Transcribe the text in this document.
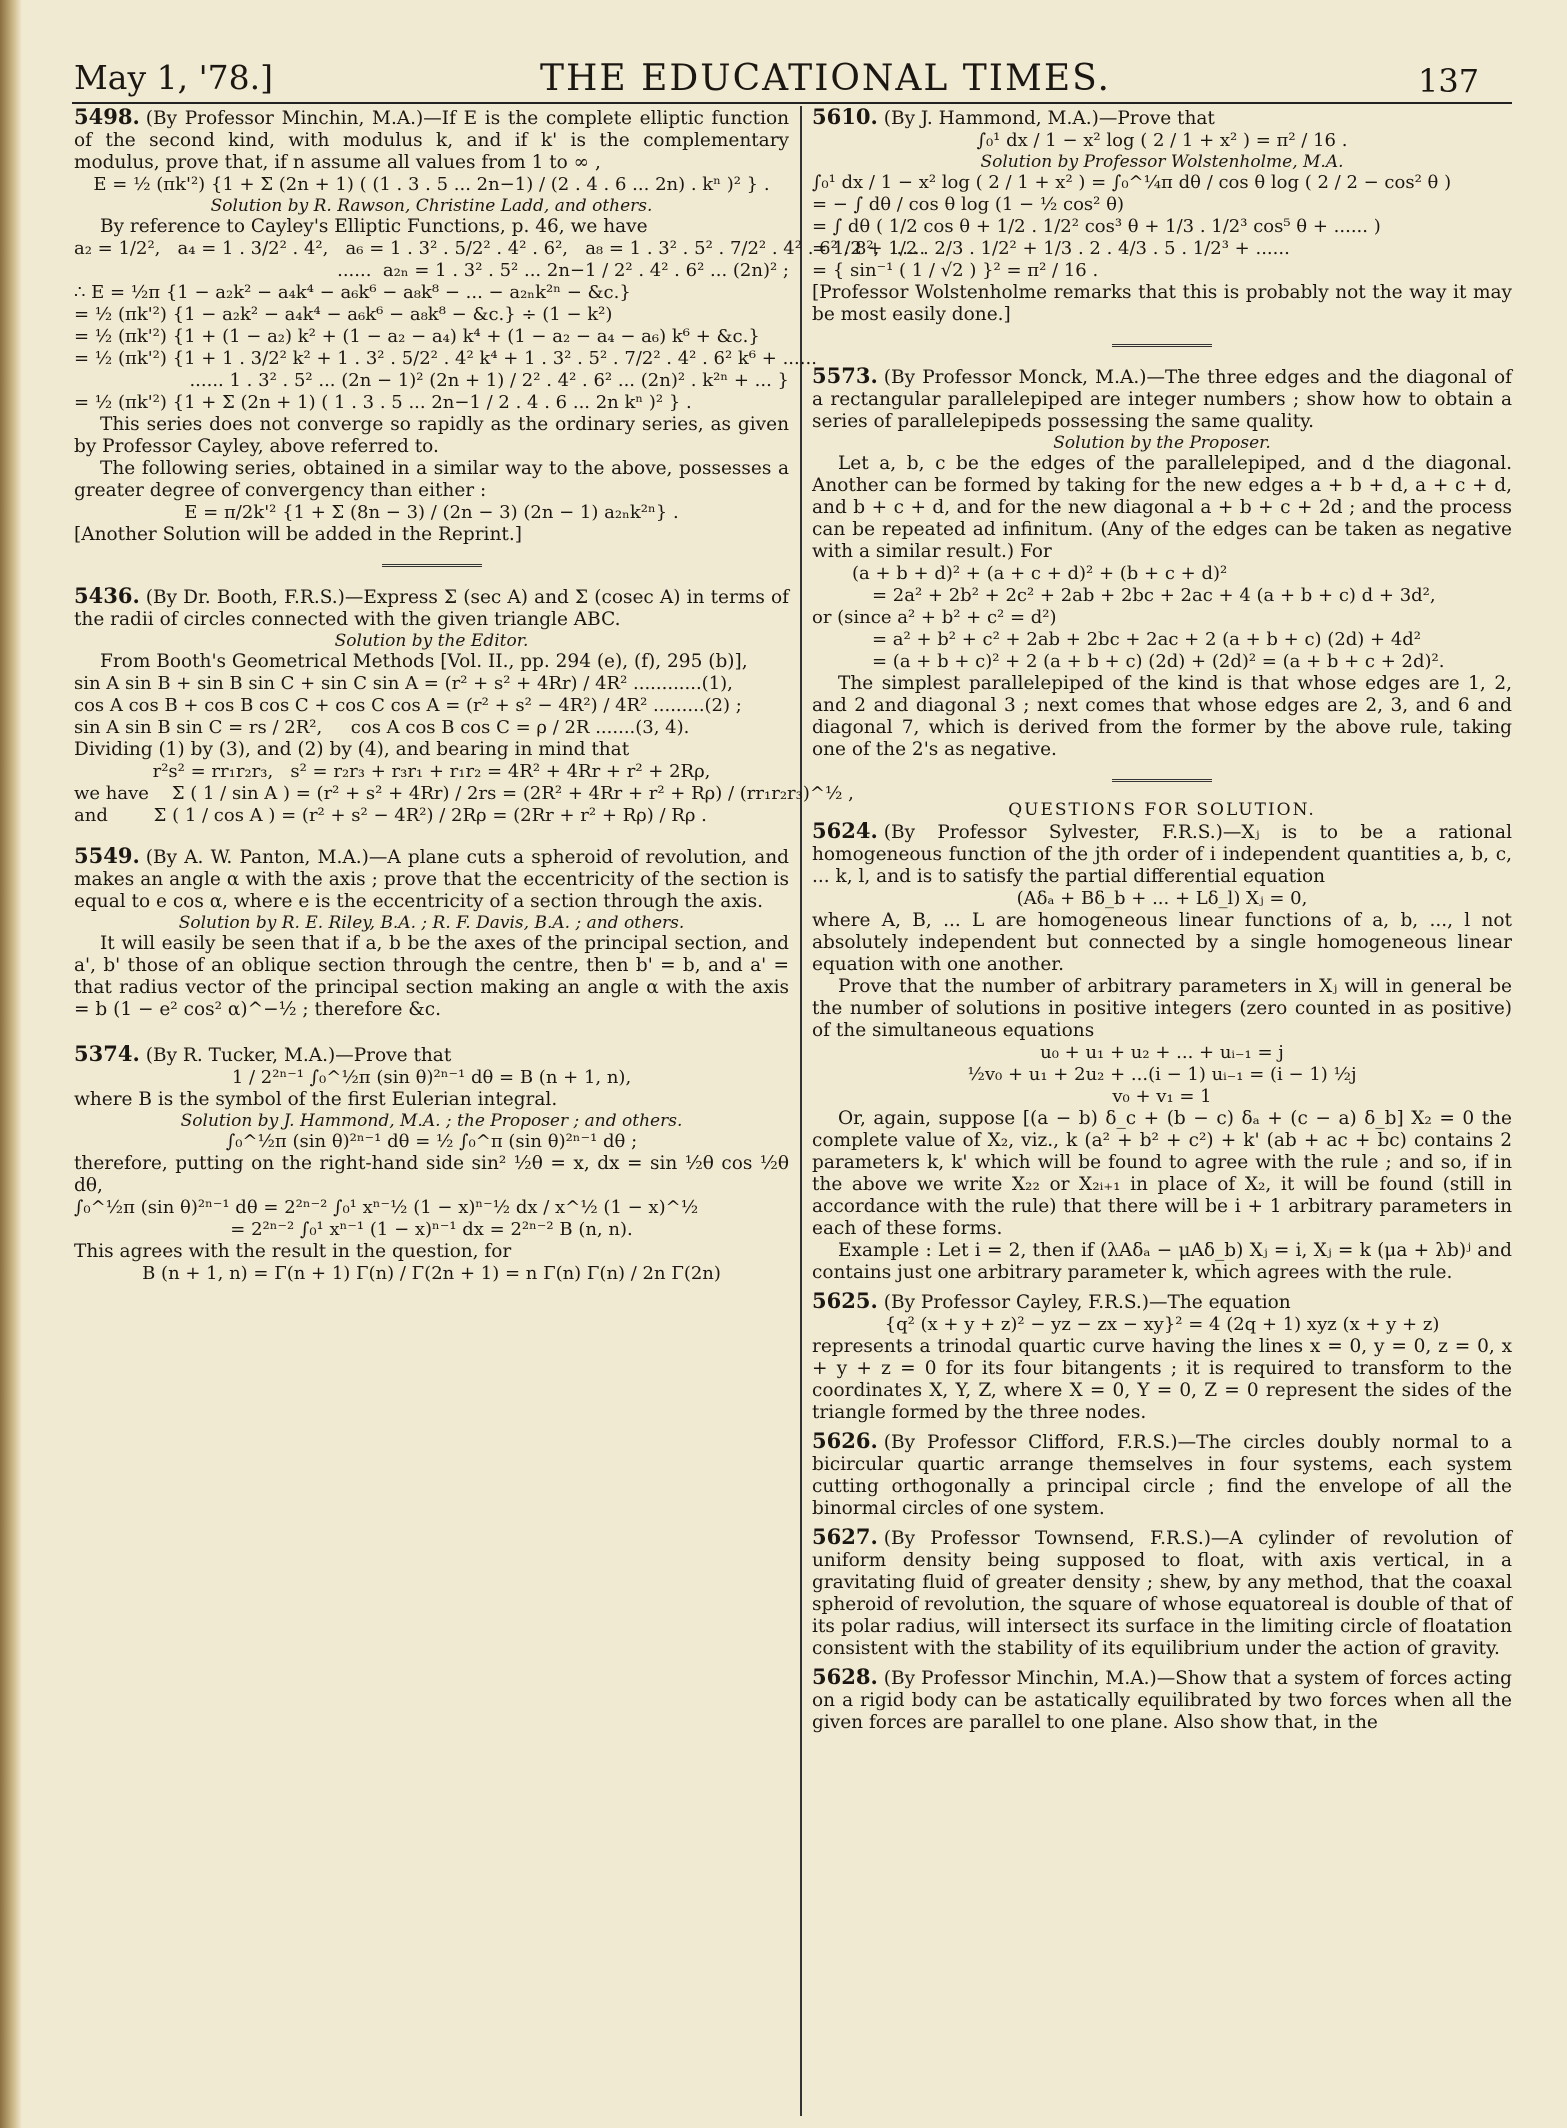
May 1, '78.]	THE EDUCATIONAL TIMES.	137

5498. (By Professor Minchin, M.A.)—If E is the complete elliptic function of the second kind, with modulus k, and if k' is the complementary modulus, prove that, if n assume all values from 1 to ∞ ,

E = ½ (πk'²) {1 + Σ (2n + 1) ( (1 . 3 . 5 ... 2n−1) / (2 . 4 . 6 ... 2n) . kⁿ )² } .

Solution by R. Rawson, Christine Ladd, and others.

By reference to Cayley's Elliptic Functions, p. 46, we have

a₂ = 1/2²,   a₄ = 1 . 3/2² . 4²,   a₆ = 1 . 3² . 5/2² . 4² . 6²,   a₈ = 1 . 3² . 5² . 7/2² . 4² . 6² . 8²,  ......

......  a₂ₙ = 1 . 3² . 5² ... 2n−1 / 2² . 4² . 6² ... (2n)² ;

∴ E = ½π {1 − a₂k² − a₄k⁴ − a₆k⁶ − a₈k⁸ − ... − a₂ₙk²ⁿ − &c.}

= ½ (πk'²) {1 − a₂k² − a₄k⁴ − a₆k⁶ − a₈k⁸ − &c.} ÷ (1 − k²)

= ½ (πk'²) {1 + (1 − a₂) k² + (1 − a₂ − a₄) k⁴ + (1 − a₂ − a₄ − a₆) k⁶ + &c.}

= ½ (πk'²) {1 + 1 . 3/2² k² + 1 . 3² . 5/2² . 4² k⁴ + 1 . 3² . 5² . 7/2² . 4² . 6² k⁶ + ......

...... 1 . 3² . 5² ... (2n − 1)² (2n + 1) / 2² . 4² . 6² ... (2n)² . k²ⁿ + ... }

= ½ (πk'²) {1 + Σ (2n + 1) ( 1 . 3 . 5 ... 2n−1 / 2 . 4 . 6 ... 2n kⁿ )² } .

This series does not converge so rapidly as the ordinary series, as given by Professor Cayley, above referred to.

The following series, obtained in a similar way to the above, possesses a greater degree of convergency than either :

E = π/2k'² {1 + Σ (8n − 3) / (2n − 3) (2n − 1) a₂ₙk²ⁿ} .

[Another Solution will be added in the Reprint.]

5436. (By Dr. Booth, F.R.S.)—Express Σ (sec A) and Σ (cosec A) in terms of the radii of circles connected with the given triangle ABC.

Solution by the Editor.

From Booth's Geometrical Methods [Vol. II., pp. 294 (e), (f), 295 (b)],

sin A sin B + sin B sin C + sin C sin A = (r² + s² + 4Rr) / 4R² ............(1),

cos A cos B + cos B cos C + cos C cos A = (r² + s² − 4R²) / 4R² .........(2) ;

sin A sin B sin C = rs / 2R²,     cos A cos B cos C = ρ / 2R .......(3, 4).

Dividing (1) by (3), and (2) by (4), and bearing in mind that

r²s² = rr₁r₂r₃,   s² = r₂r₃ + r₃r₁ + r₁r₂ = 4R² + 4Rr + r² + 2Rρ,

we have    Σ ( 1 / sin A ) = (r² + s² + 4Rr) / 2rs = (2R² + 4Rr + r² + Rρ) / (rr₁r₂r₃)^½ ,

and        Σ ( 1 / cos A ) = (r² + s² − 4R²) / 2Rρ = (2Rr + r² + Rρ) / Rρ .

5549. (By A. W. Panton, M.A.)—A plane cuts a spheroid of revolution, and makes an angle α with the axis ; prove that the eccentricity of the section is equal to e cos α, where e is the eccentricity of a section through the axis.

Solution by R. E. Riley, B.A. ; R. F. Davis, B.A. ; and others.

It will easily be seen that if a, b be the axes of the principal section, and a', b' those of an oblique section through the centre, then b' = b, and a' = that radius vector of the principal section making an angle α with the axis = b (1 − e² cos² α)^−½ ; therefore &c.

5374. (By R. Tucker, M.A.)—Prove that

1 / 2²ⁿ⁻¹ ∫₀^½π (sin θ)²ⁿ⁻¹ dθ = B (n + 1, n),

where B is the symbol of the first Eulerian integral.

Solution by J. Hammond, M.A. ; the Proposer ; and others.

∫₀^½π (sin θ)²ⁿ⁻¹ dθ = ½ ∫₀^π (sin θ)²ⁿ⁻¹ dθ ;

therefore, putting on the right-hand side sin² ½θ = x, dx = sin ½θ cos ½θ dθ,

∫₀^½π (sin θ)²ⁿ⁻¹ dθ = 2²ⁿ⁻² ∫₀¹ xⁿ⁻½ (1 − x)ⁿ⁻½ dx / x^½ (1 − x)^½

= 2²ⁿ⁻² ∫₀¹ xⁿ⁻¹ (1 − x)ⁿ⁻¹ dx = 2²ⁿ⁻² B (n, n).

This agrees with the result in the question, for

B (n + 1, n) = Γ(n + 1) Γ(n) / Γ(2n + 1) = n Γ(n) Γ(n) / 2n Γ(2n)

5610. (By J. Hammond, M.A.)—Prove that

∫₀¹ dx / 1 − x² log ( 2 / 1 + x² ) = π² / 16 .

Solution by Professor Wolstenholme, M.A.

∫₀¹ dx / 1 − x² log ( 2 / 1 + x² ) = ∫₀^¼π dθ / cos θ log ( 2 / 2 − cos² θ )

= − ∫ dθ / cos θ log (1 − ½ cos² θ)

= ∫ dθ ( 1/2 cos θ + 1/2 . 1/2² cos³ θ + 1/3 . 1/2³ cos⁵ θ + ...... )

= 1/2 + 1/2 . 2/3 . 1/2² + 1/3 . 2 . 4/3 . 5 . 1/2³ + ......

= { sin⁻¹ ( 1 / √2 ) }² = π² / 16 .

[Professor Wolstenholme remarks that this is probably not the way it may be most easily done.]

5573. (By Professor Monck, M.A.)—The three edges and the diagonal of a rectangular parallelepiped are integer numbers ; show how to obtain a series of parallelepipeds possessing the same quality.

Solution by the Proposer.

Let a, b, c be the edges of the parallelepiped, and d the diagonal. Another can be formed by taking for the new edges a + b + d, a + c + d, and b + c + d, and for the new diagonal a + b + c + 2d ; and the process can be repeated ad infinitum. (Any of the edges can be taken as negative with a similar result.) For

(a + b + d)² + (a + c + d)² + (b + c + d)²

= 2a² + 2b² + 2c² + 2ab + 2bc + 2ac + 4 (a + b + c) d + 3d²,

or (since a² + b² + c² = d²)

= a² + b² + c² + 2ab + 2bc + 2ac + 2 (a + b + c) (2d) + 4d²

= (a + b + c)² + 2 (a + b + c) (2d) + (2d)² = (a + b + c + 2d)².

The simplest parallelepiped of the kind is that whose edges are 1, 2, and 2 and diagonal 3 ; next comes that whose edges are 2, 3, and 6 and diagonal 7, which is derived from the former by the above rule, taking one of the 2's as negative.

QUESTIONS FOR SOLUTION.

5624. (By Professor Sylvester, F.R.S.)—Xⱼ is to be a rational homogeneous function of the jth order of i independent quantities a, b, c, ... k, l, and is to satisfy the partial differential equation

(Aδₐ + Bδ_b + ... + Lδ_l) Xⱼ = 0,

where A, B, ... L are homogeneous linear functions of a, b, ..., l not absolutely independent but connected by a single homogeneous linear equation with one another.

Prove that the number of arbitrary parameters in Xⱼ will in general be the number of solutions in positive integers (zero counted in as positive) of the simultaneous equations

u₀ + u₁ + u₂ + ... + uᵢ₋₁ = j

½v₀ + u₁ + 2u₂ + ...(i − 1) uᵢ₋₁ = (i − 1) ½j

v₀ + v₁ = 1

Or, again, suppose [(a − b) δ_c + (b − c) δₐ + (c − a) δ_b] X₂ = 0 the complete value of X₂, viz., k (a² + b² + c²) + k' (ab + ac + bc) contains 2 parameters k, k' which will be found to agree with the rule ; and so, if in the above we write X₂₂ or X₂ᵢ₊₁ in place of X₂, it will be found (still in accordance with the rule) that there will be i + 1 arbitrary parameters in each of these forms.

Example : Let i = 2, then if (λAδₐ − μAδ_b) Xⱼ = i, Xⱼ = k (μa + λb)ʲ and contains just one arbitrary parameter k, which agrees with the rule.

5625. (By Professor Cayley, F.R.S.)—The equation

{q² (x + y + z)² − yz − zx − xy}² = 4 (2q + 1) xyz (x + y + z)

represents a trinodal quartic curve having the lines x = 0, y = 0, z = 0, x + y + z = 0 for its four bitangents ; it is required to transform to the coordinates X, Y, Z, where X = 0, Y = 0, Z = 0 represent the sides of the triangle formed by the three nodes.

5626. (By Professor Clifford, F.R.S.)—The circles doubly normal to a bicircular quartic arrange themselves in four systems, each system cutting orthogonally a principal circle ; find the envelope of all the binormal circles of one system.

5627. (By Professor Townsend, F.R.S.)—A cylinder of revolution of uniform density being supposed to float, with axis vertical, in a gravitating fluid of greater density ; shew, by any method, that the coaxal spheroid of revolution, the square of whose equatoreal is double of that of its polar radius, will intersect its surface in the limiting circle of floatation consistent with the stability of its equilibrium under the action of gravity.

5628. (By Professor Minchin, M.A.)—Show that a system of forces acting on a rigid body can be astatically equilibrated by two forces when all the given forces are parallel to one plane. Also show that, in the
